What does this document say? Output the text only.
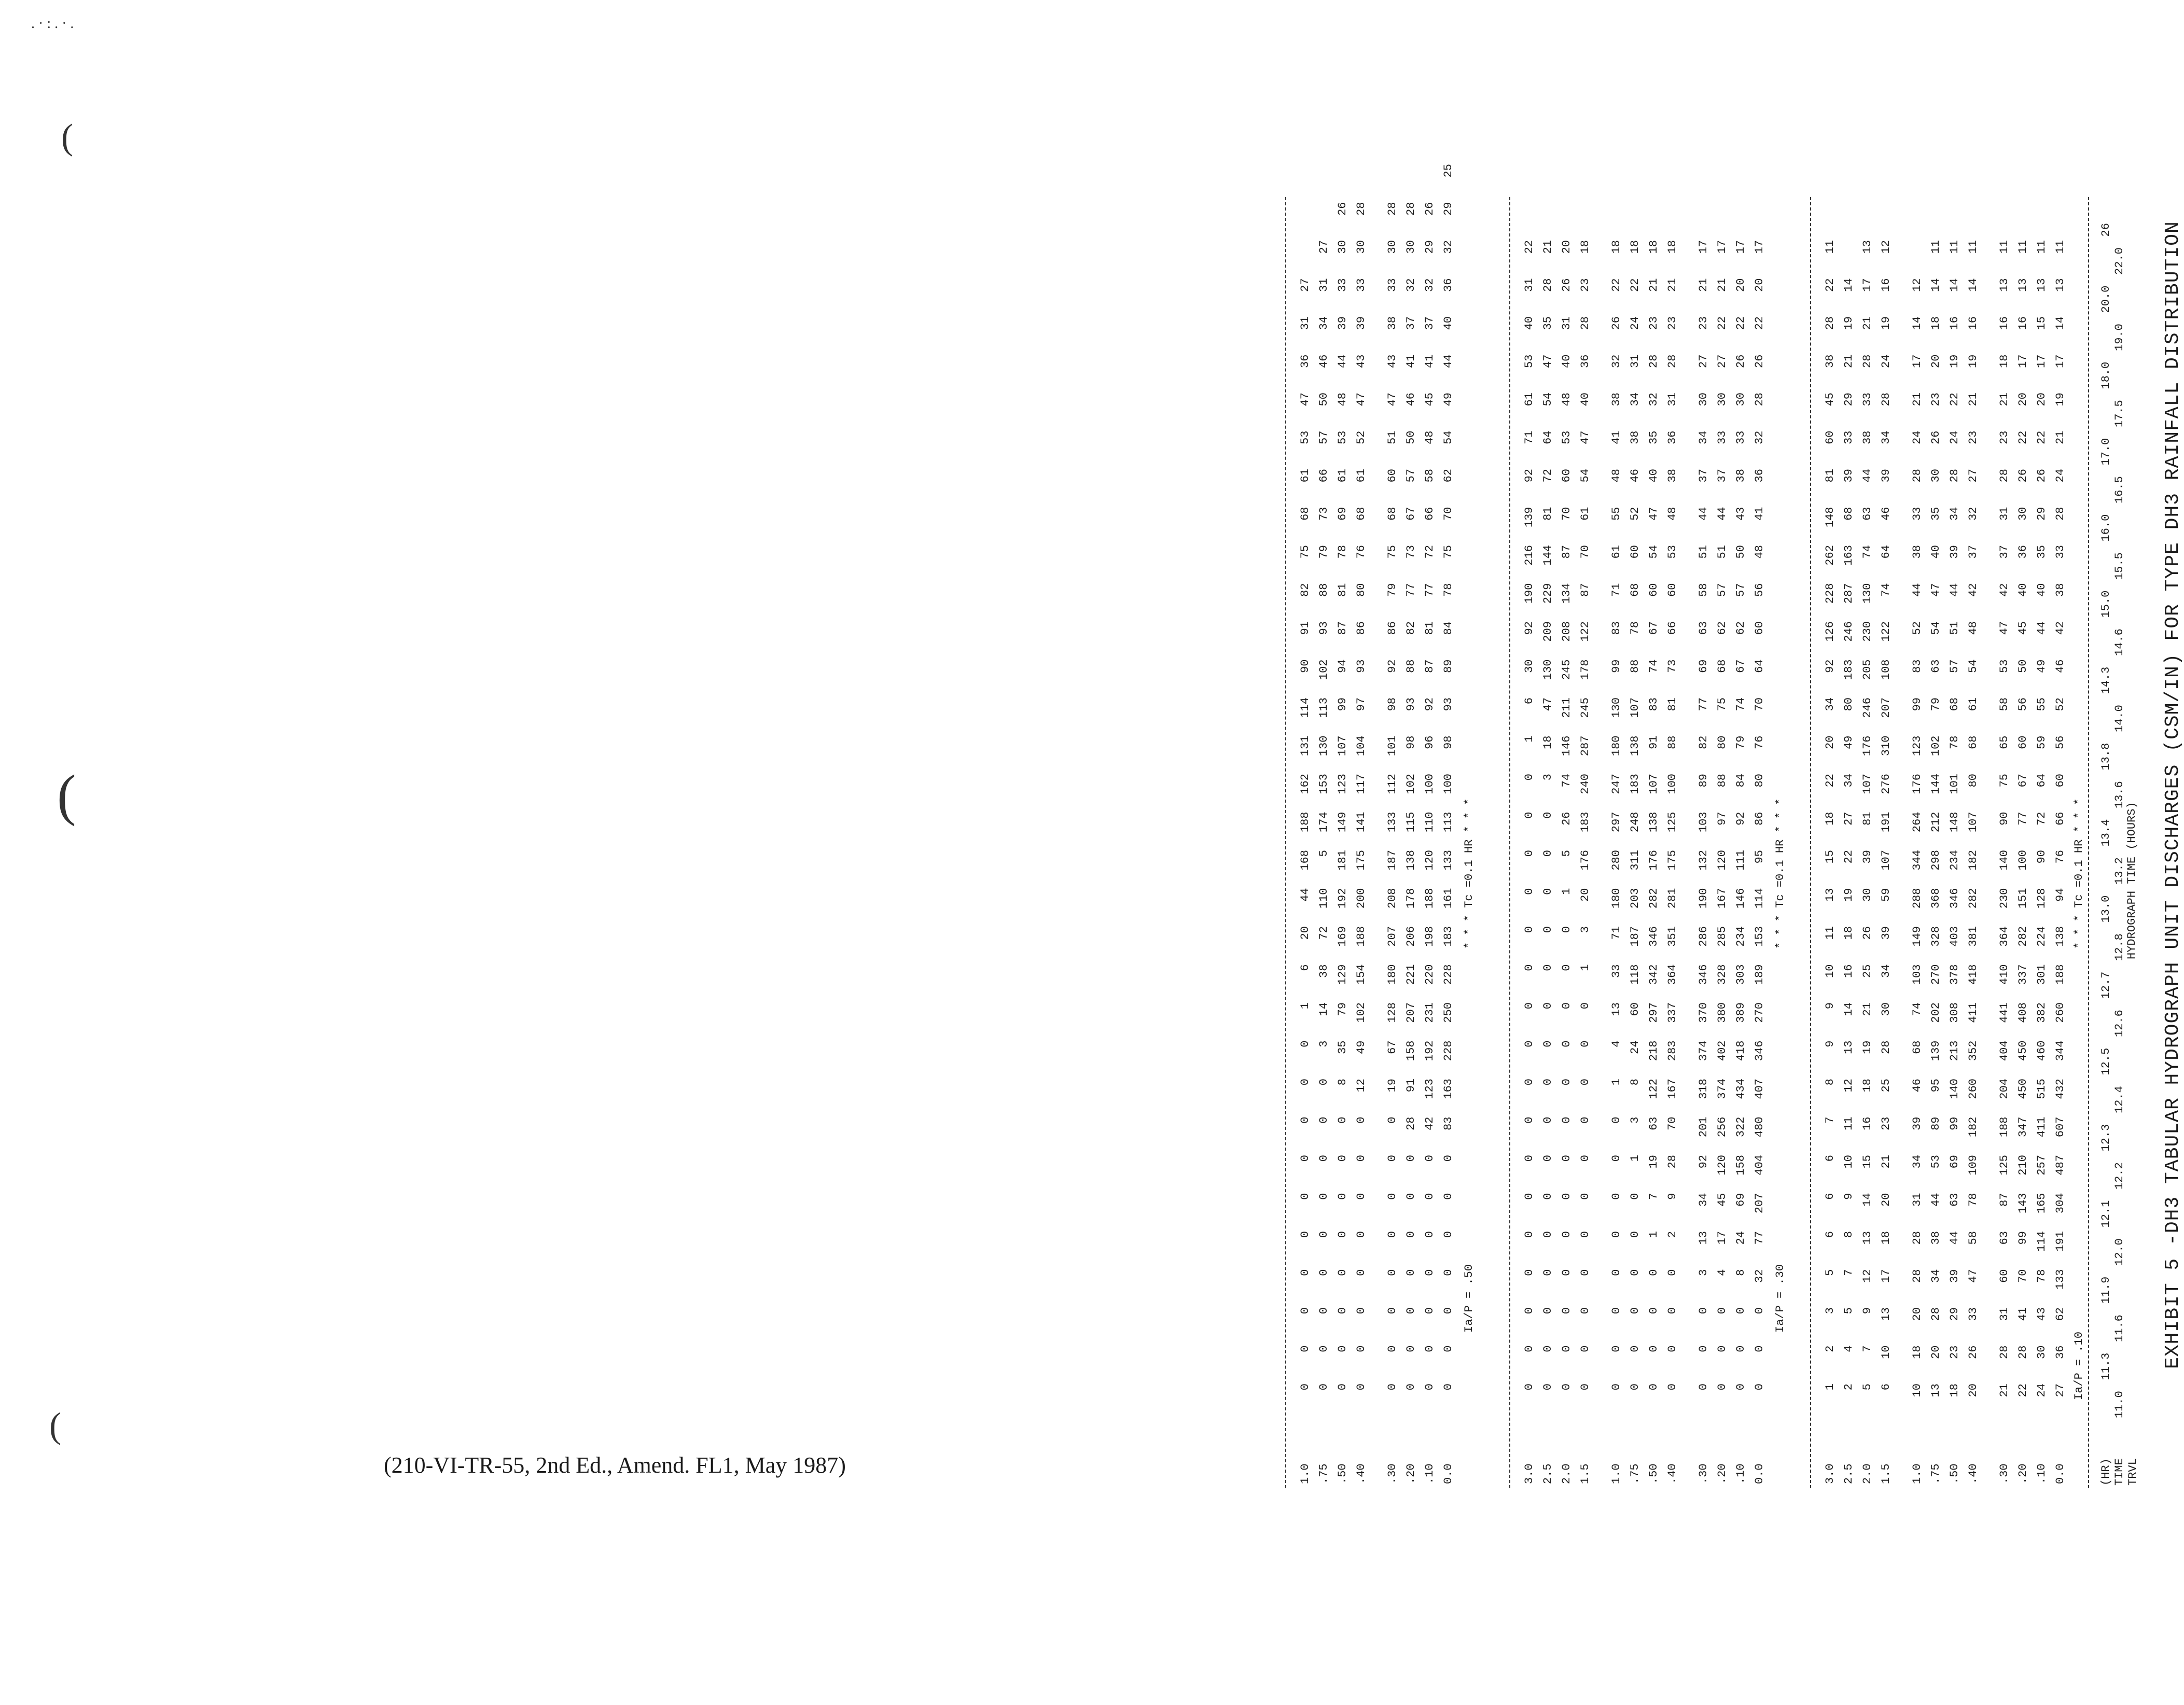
EXHIBIT 5 -DH3 TABULAR HYDROGRAPH UNIT DISCHARGES (CSM/IN) FOR TYPE DH3 RAINFALL DISTRIBUTION
TRVL
TIME
(HR)
HYDROGRAPH TIME (HOURS)
11.0
11.3
11.6
11.9
12.0
12.1
12.2
12.3
12.4
12.5
12.6
12.7
12.8
13.0
13.2
13.4
13.6
13.8
14.0
14.3
14.6
15.0
15.5
16.0
16.5
17.0
17.5
18.0
19.0
20.0
22.0
26
Ia/P = .10
Ia/P = .30
Ia/P = .50
* * * Tc =0.1 HR * * *
* * * Tc =0.1 HR * * *
* * * Tc =0.1 HR * * *
0.0
27
36
62
133
191
304
487
607
432
344
260
188
138
94
76
66
60
56
52
46
42
38
33
28
24
21
19
17
14
13
11
.10
24
30
43
78
114
165
257
411
515
460
382
301
224
128
90
72
64
59
55
49
44
40
35
29
26
22
20
17
15
13
11
.20
22
28
41
70
99
143
210
347
450
450
408
337
282
151
100
77
67
60
56
50
45
40
36
30
26
22
20
17
16
13
11
.30
21
28
31
60
63
87
125
188
204
404
441
410
364
230
140
90
75
65
58
53
47
42
37
31
28
23
21
18
16
13
11
.40
20
26
33
47
58
78
109
182
260
352
411
418
381
282
182
107
80
68
61
54
48
42
37
32
27
23
21
19
16
14
11
.50
18
23
29
39
44
63
69
99
140
213
308
378
403
346
234
148
101
78
68
57
51
44
39
34
28
24
22
19
16
14
11
.75
13
20
28
34
38
44
53
89
95
139
202
270
328
368
298
212
144
102
79
63
54
47
40
35
30
26
23
20
18
14
11
1.0
10
18
20
28
28
31
34
39
46
68
74
103
149
288
344
264
176
123
99
83
52
44
38
33
28
24
21
17
14
12
1.5
6
10
13
17
18
20
21
23
25
28
30
34
39
59
107
191
276
310
207
108
122
74
64
46
39
34
28
24
19
16
12
2.0
5
7
9
12
13
14
15
16
18
19
21
25
26
30
39
81
107
176
246
205
230
130
74
63
44
38
33
28
21
17
13
2.5
2
4
5
7
8
9
10
11
12
13
14
16
18
19
22
27
34
49
80
183
246
287
163
68
39
33
29
21
19
14
3.0
1
2
3
5
6
6
6
7
8
9
9
10
11
13
15
18
22
20
34
92
126
228
262
148
81
60
45
38
28
22
11
0.0
0
0
0
32
77
207
404
480
407
346
270
189
153
114
95
86
80
76
70
64
60
56
48
41
36
32
28
26
22
20
17
.10
0
0
0
8
24
69
158
322
434
418
389
303
234
146
111
92
84
79
74
67
62
57
50
43
38
33
30
26
22
20
17
.20
0
0
0
4
17
45
120
256
374
402
380
328
285
167
120
97
88
80
75
68
62
57
51
44
37
33
30
27
22
21
17
.30
0
0
0
3
13
34
92
201
318
374
370
346
286
190
132
103
89
82
77
69
63
58
51
44
37
34
30
27
23
21
17
.40
0
0
0
0
2
9
28
70
167
283
337
364
351
281
175
125
100
88
81
73
66
60
53
48
38
36
31
28
23
21
18
.50
0
0
0
0
1
7
19
63
122
218
297
342
346
282
176
138
107
91
83
74
67
60
54
47
40
35
32
28
23
21
18
.75
0
0
0
0
0
0
1
3
8
24
60
118
187
203
311
248
183
138
107
88
78
68
60
52
46
38
34
31
24
22
18
1.0
0
0
0
0
0
0
0
0
1
4
13
33
71
180
280
297
247
180
130
99
83
71
61
55
48
41
38
32
26
22
18
1.5
0
0
0
0
0
0
0
0
0
0
0
1
3
20
176
183
240
287
245
178
122
87
70
61
54
47
40
36
28
23
18
2.0
0
0
0
0
0
0
0
0
0
0
0
0
0
1
5
26
74
146
211
245
208
134
87
70
60
53
48
40
31
26
20
2.5
0
0
0
0
0
0
0
0
0
0
0
0
0
0
0
0
3
18
47
130
209
229
144
81
72
64
54
47
35
28
21
3.0
0
0
0
0
0
0
0
0
0
0
0
0
0
0
0
0
0
1
6
30
92
190
216
139
92
71
61
53
40
31
22
0.0
0
0
0
0
0
0
0
83
163
228
250
228
183
161
133
113
100
98
93
89
84
78
75
70
62
54
49
44
40
36
32
29
25
.10
0
0
0
0
0
0
0
42
123
192
231
220
198
188
120
110
100
96
92
87
81
77
72
66
58
48
45
41
37
32
29
26
.20
0
0
0
0
0
0
0
28
91
158
207
221
206
178
138
115
102
98
93
88
82
77
73
67
57
50
46
41
37
32
30
28
.30
0
0
0
0
0
0
0
0
19
67
128
180
207
208
187
133
112
101
98
92
86
79
75
68
60
51
47
43
38
33
30
28
.40
0
0
0
0
0
0
0
0
12
49
102
154
188
200
175
141
117
104
97
93
86
80
76
68
61
52
47
43
39
33
30
28
.50
0
0
0
0
0
0
0
0
8
35
79
129
169
192
181
149
123
107
99
94
87
81
78
69
61
53
48
44
39
33
30
26
.75
0
0
0
0
0
0
0
0
0
3
14
38
72
110
5
174
153
130
113
102
93
88
79
73
66
57
50
46
34
31
27
1.0
0
0
0
0
0
0
0
0
0
0
1
6
20
44
168
188
162
131
114
90
91
82
75
68
61
53
47
36
31
27
(210-VI-TR-55, 2nd Ed., Amend. FL1, May 1987)
. · : . · .
(
(
(
